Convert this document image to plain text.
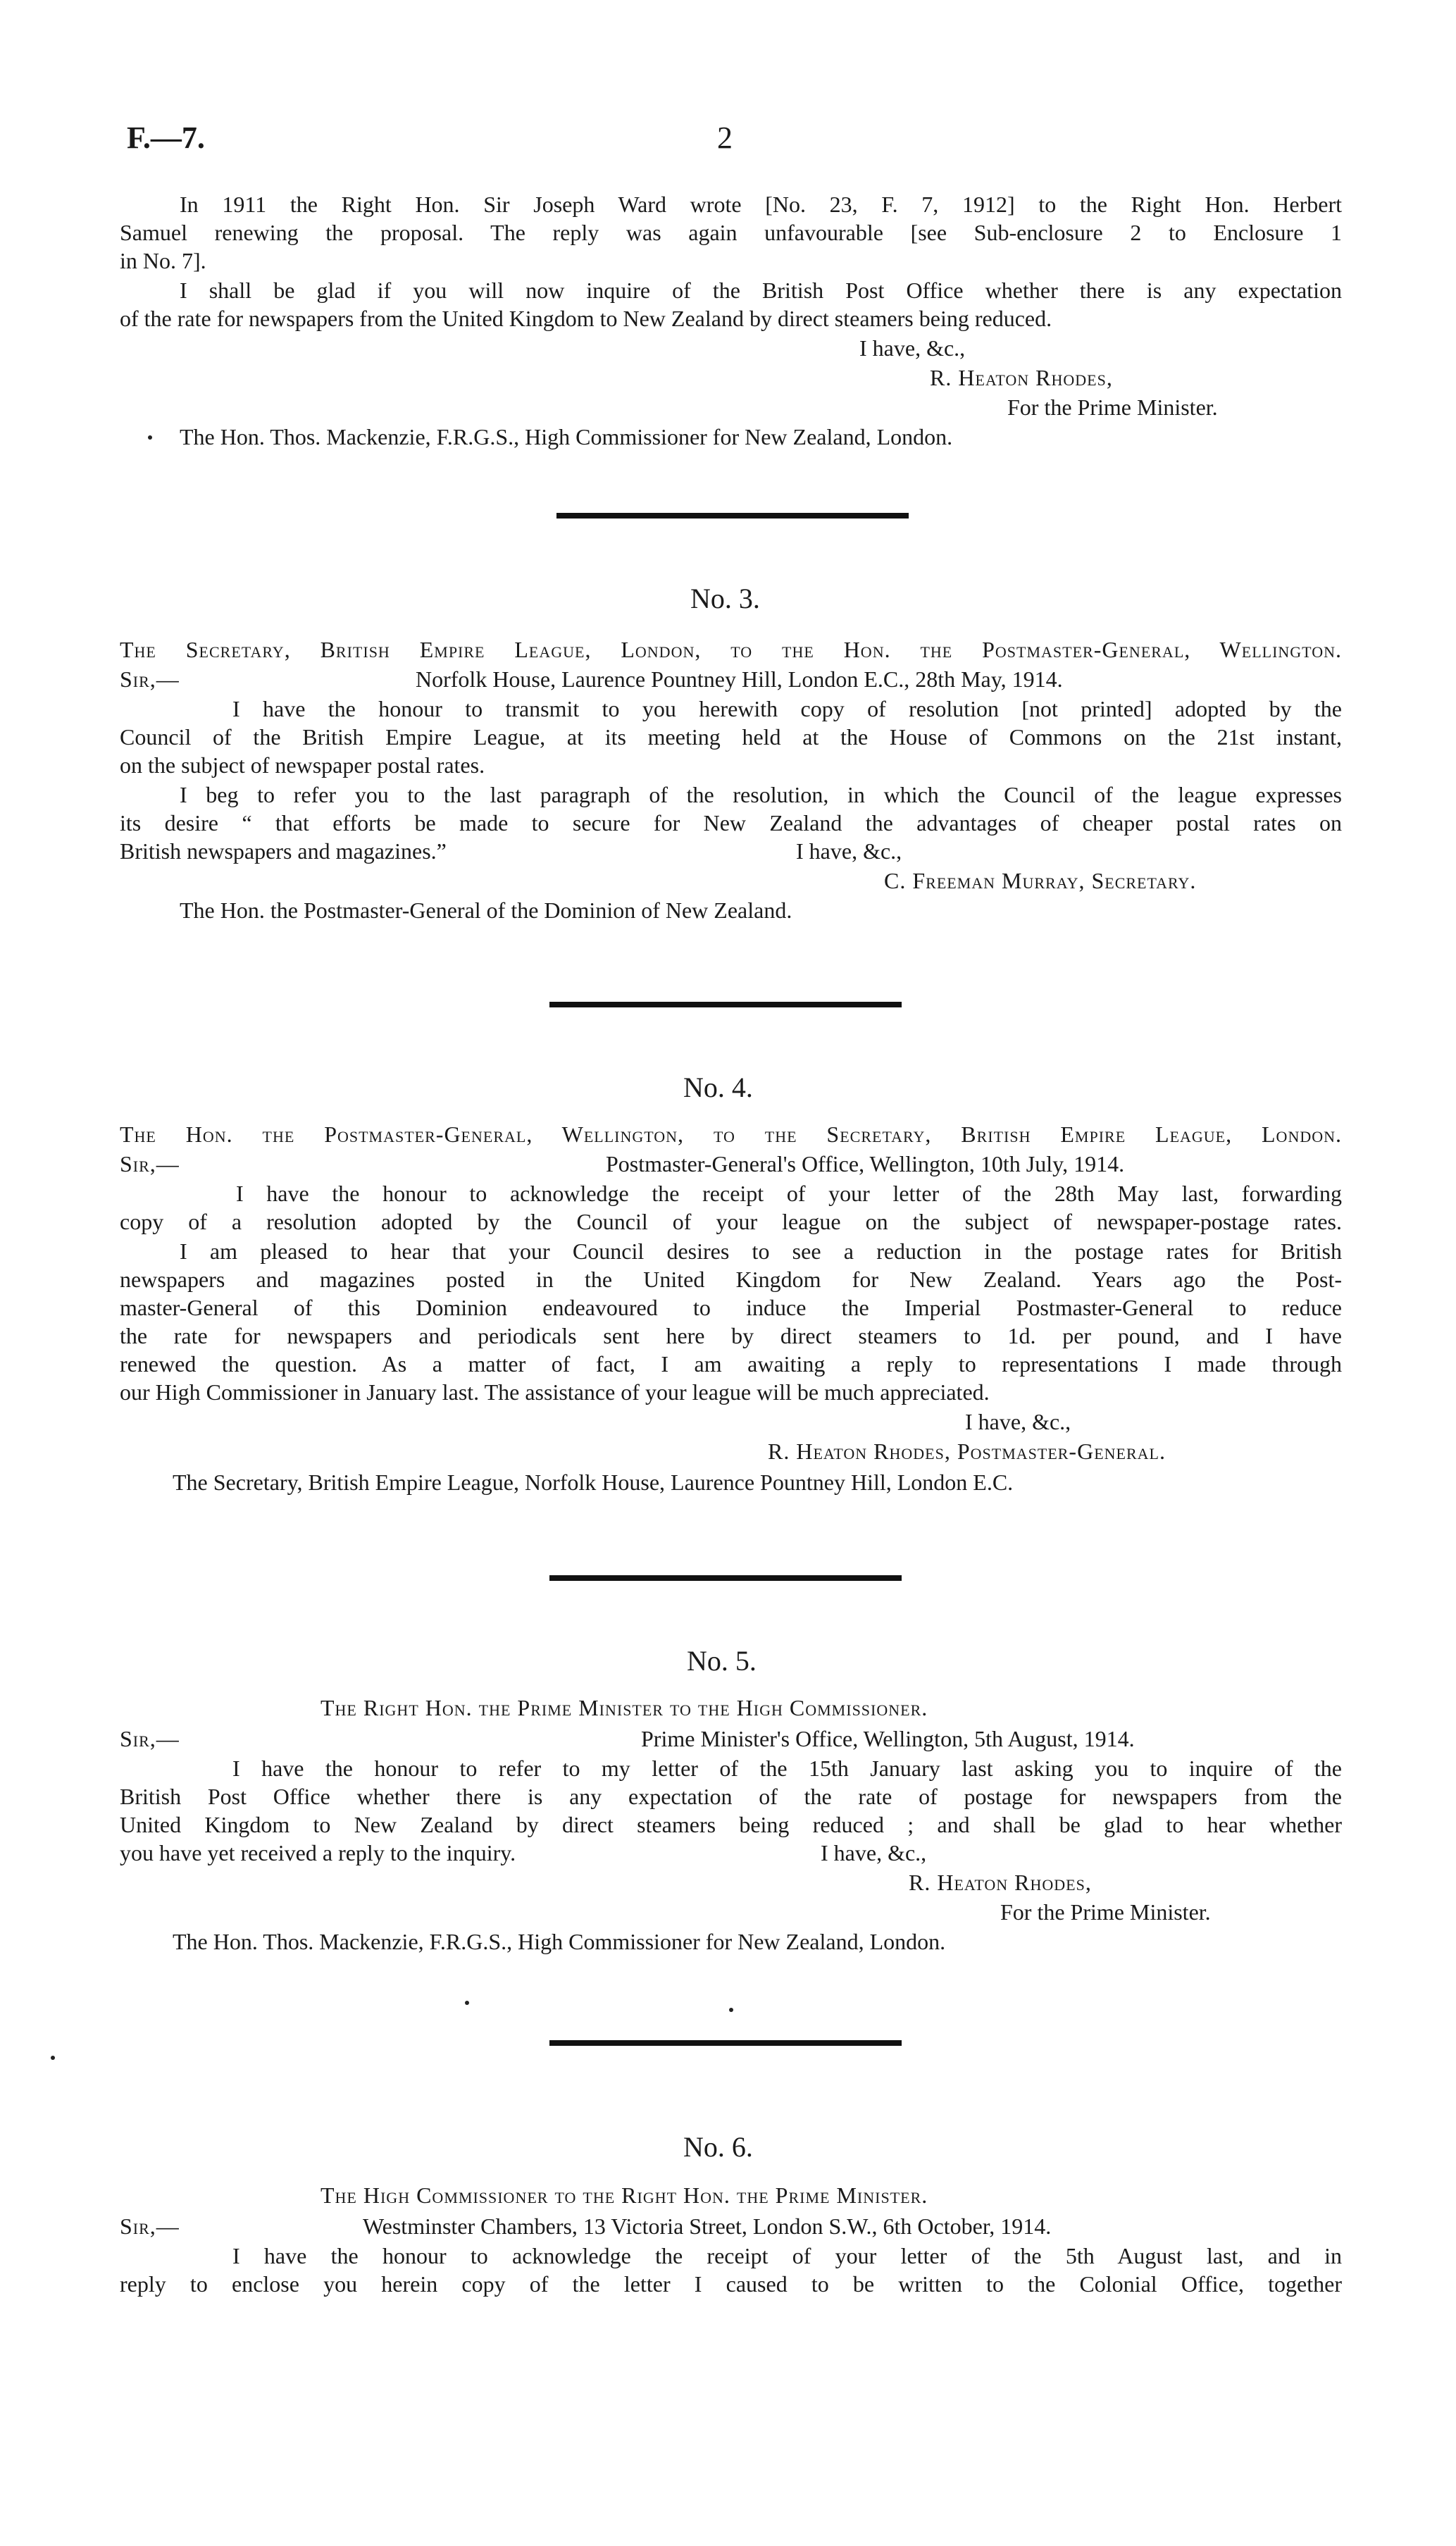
F.—7.	2
In 1911 the Right Hon. Sir Joseph Ward wrote [No. 23, F. 7, 1912] to the Right Hon. Herbert
Samuel renewing the proposal. The reply was again unfavourable [see Sub-enclosure 2 to Enclosure 1
in No. 7].
I shall be glad if you will now inquire of the British Post Office whether there is any expectation
of the rate for newspapers from the United Kingdom to New Zealand by direct steamers being reduced.
I have, &c.,
R. Heaton Rhodes,
For the Prime Minister.
The Hon. Thos. Mackenzie, F.R.G.S., High Commissioner for New Zealand, London.
No. 3.
The Secretary, British Empire League, London, to the Hon. the Postmaster-General, Wellington.
Sir,—	Norfolk House, Laurence Pountney Hill, London E.C., 28th May, 1914.
I have the honour to transmit to you herewith copy of resolution [not printed] adopted by the
Council of the British Empire League, at its meeting held at the House of Commons on the 21st instant,
on the subject of newspaper postal rates.
I beg to refer you to the last paragraph of the resolution, in which the Council of the league expresses
its desire “ that efforts be made to secure for New Zealand the advantages of cheaper postal rates on
British newspapers and magazines.”	I have, &c.,
C. Freeman Murray, Secretary.
The Hon. the Postmaster-General of the Dominion of New Zealand.
No. 4.
The Hon. the Postmaster-General, Wellington, to the Secretary, British Empire League, London.
Sir,—	Postmaster-General's Office, Wellington, 10th July, 1914.
I have the honour to acknowledge the receipt of your letter of the 28th May last, forwarding
copy of a resolution adopted by the Council of your league on the subject of newspaper-postage rates.
I am pleased to hear that your Council desires to see a reduction in the postage rates for British
newspapers and magazines posted in the United Kingdom for New Zealand. Years ago the Post-
master-General of this Dominion endeavoured to induce the Imperial Postmaster-General to reduce
the rate for newspapers and periodicals sent here by direct steamers to 1d. per pound, and I have
renewed the question. As a matter of fact, I am awaiting a reply to representations I made through
our High Commissioner in January last. The assistance of your league will be much appreciated.
I have, &c.,
R. Heaton Rhodes, Postmaster-General.
The Secretary, British Empire League, Norfolk House, Laurence Pountney Hill, London E.C.
No. 5.
The Right Hon. the Prime Minister to the High Commissioner.
Sir,—	Prime Minister's Office, Wellington, 5th August, 1914.
I have the honour to refer to my letter of the 15th January last asking you to inquire of the
British Post Office whether there is any expectation of the rate of postage for newspapers from the
United Kingdom to New Zealand by direct steamers being reduced ; and shall be glad to hear whether
you have yet received a reply to the inquiry.	I have, &c.,
R. Heaton Rhodes,
For the Prime Minister.
The Hon. Thos. Mackenzie, F.R.G.S., High Commissioner for New Zealand, London.
No. 6.
The High Commissioner to the Right Hon. the Prime Minister.
Sir,—	Westminster Chambers, 13 Victoria Street, London S.W., 6th October, 1914.
I have the honour to acknowledge the receipt of your letter of the 5th August last, and in
reply to enclose you herein copy of the letter I caused to be written to the Colonial Office, together
